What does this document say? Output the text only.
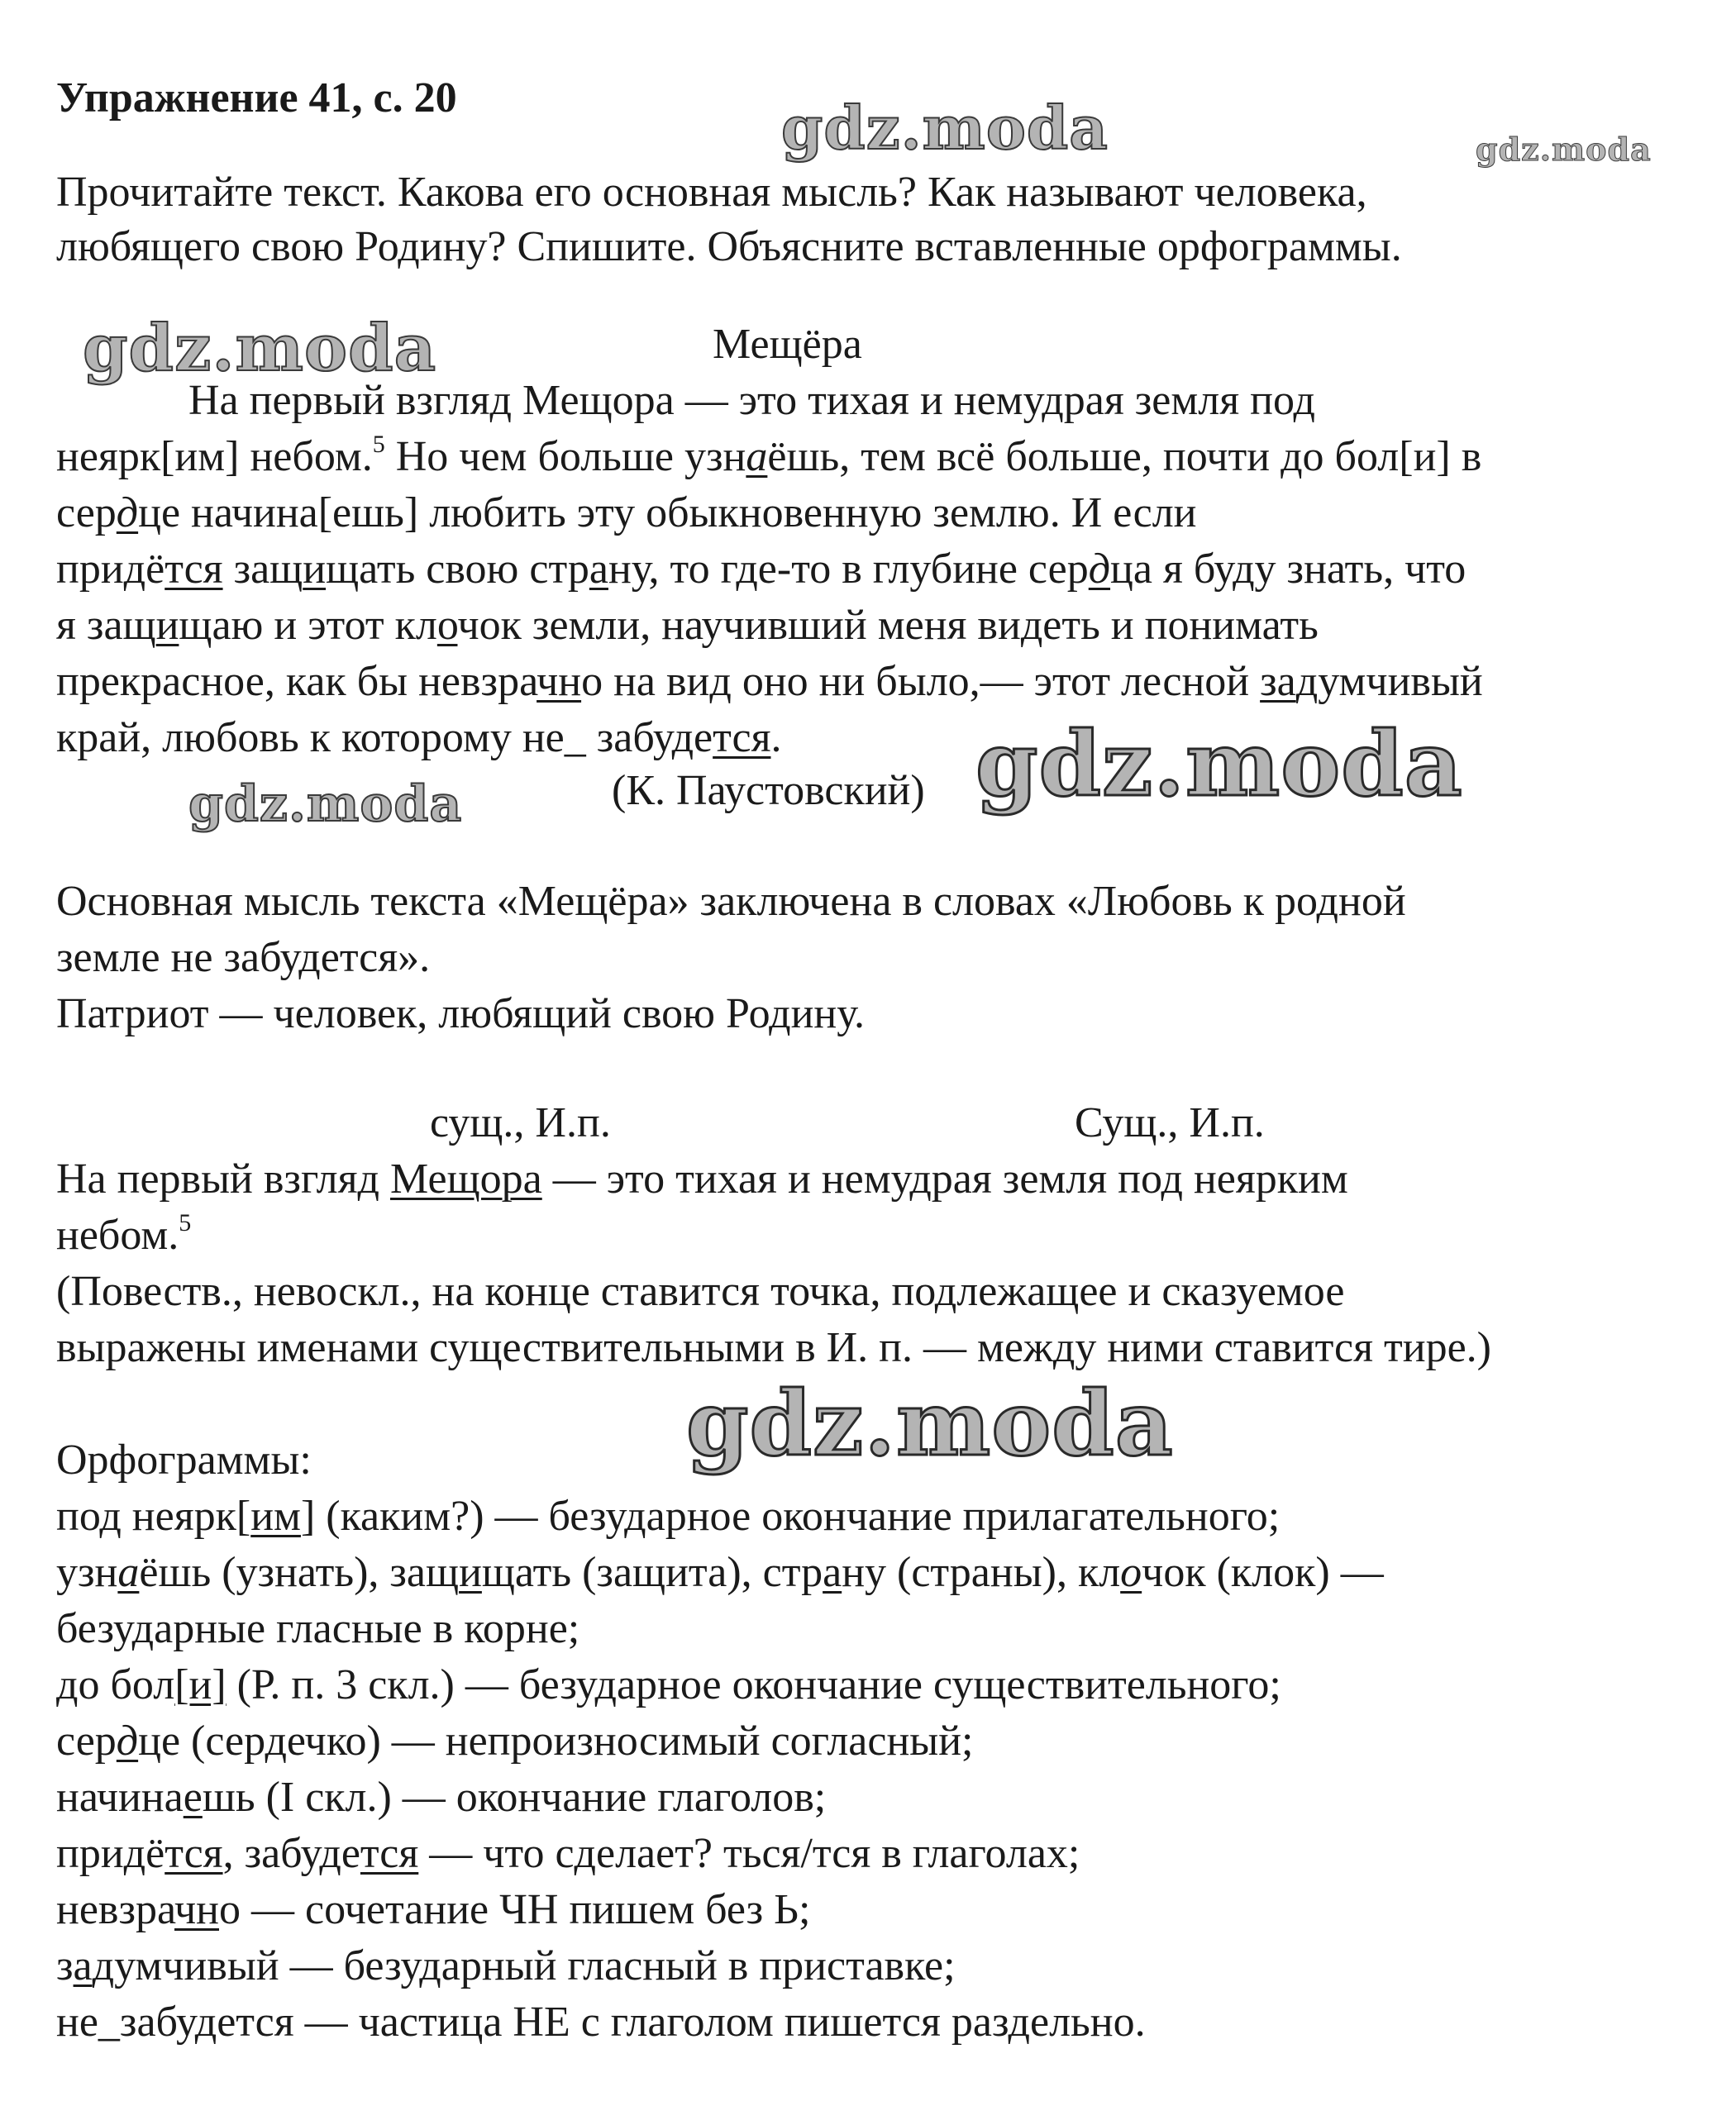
gdz.moda	gdz.moda
gdz.moda
gdz.moda
gdz.moda
gdz.moda
Упражнение 41, с. 20
Прочитайте текст. Какова его основная мысль? Как называют человека,
любящего свою Родину? Спишите. Объясните вставленные орфограммы.
Мещёра
На первый взгляд Мещора — это тихая и немудрая земля под
неярк[им] небом.$^5$ Но чем больше узнаёшь, тем всё больше, почти до бол[и] в
сердце начина[ешь] любить эту обыкновенную землю. И если
придётся защищать свою страну, то где-то в глубине сердца я буду знать, что
я защищаю и этот клочок земли, научивший меня видеть и понимать
прекрасное, как бы невзрачно на вид оно ни было,— этот лесной задумчивый
край, любовь к которому не_ забудется.
(К. Паустовский)
Основная мысль текста «Мещёра» заключена в словах «Любовь к родной
земле не забудется».
Патриот — человек, любящий свою Родину.
сущ., И.п.	Сущ., И.п.
На первый взгляд Мещора — это тихая и немудрая земля под неярким
небом.$^5$
(Повеств., невоскл., на конце ставится точка, подлежащее и сказуемое
выражены именами существительными в И. п. — между ними ставится тире.)
Орфограммы:
под неярк[им] (каким?) — безударное окончание прилагательного;
узнаёшь (узнать), защищать (защита), страну (страны), клочок (клок) —
безударные гласные в корне;
до бол[и] (Р. п. 3 скл.) — безударное окончание существительного;
сердце (сердечко) — непроизносимый согласный;
начинаешь (I скл.) — окончание глаголов;
придётся, забудется — что сделает? ться/тся в глаголах;
невзрачно — сочетание ЧН пишем без Ь;
задумчивый — безударный гласный в приставке;
не_забудется — частица НЕ с глаголом пишется раздельно.
